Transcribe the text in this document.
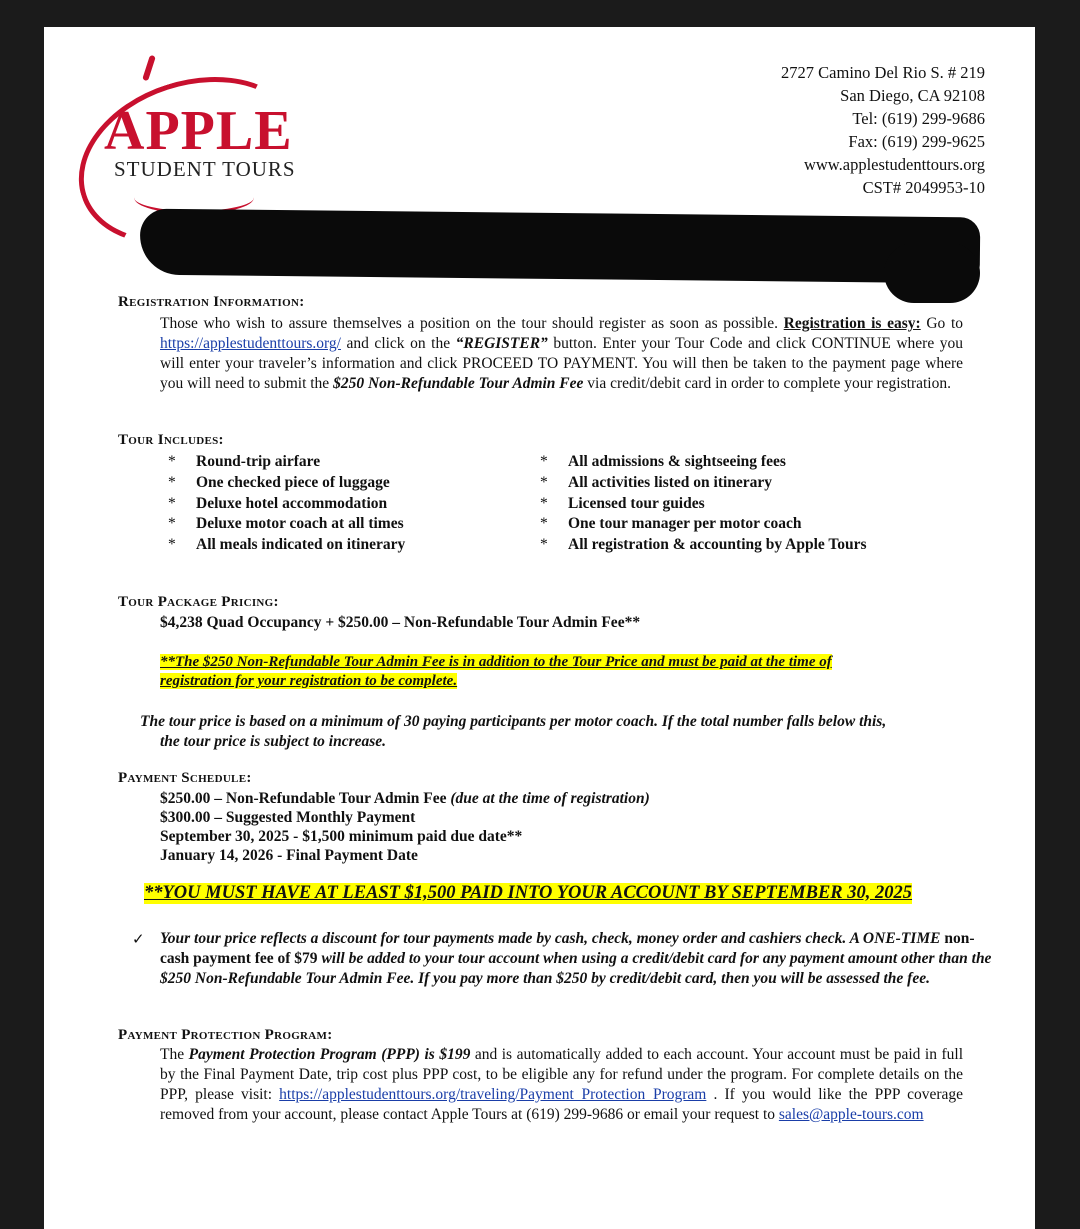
APPLE
STUDENT TOURS
2727 Camino Del Rio S. # 219
San Diego, CA 92108
Tel: (619) 299-9686
Fax: (619) 299-9625
www.applestudenttours.org
CST# 2049953-10
Registration Information:
Those who wish to assure themselves a position on the tour should register as soon as possible. Registration is easy: Go to https://applestudenttours.org/ and click on the “REGISTER” button. Enter your Tour Code and click CONTINUE where you will enter your traveler’s information and click PROCEED TO PAYMENT. You will then be taken to the payment page where you will need to submit the $250 Non-Refundable Tour Admin Fee via credit/debit card in order to complete your registration.
Tour Includes:
* Round-trip airfare
* One checked piece of luggage
* Deluxe hotel accommodation
* Deluxe motor coach at all times
* All meals indicated on itinerary
* All admissions & sightseeing fees
* All activities listed on itinerary
* Licensed tour guides
* One tour manager per motor coach
* All registration & accounting by Apple Tours
Tour Package Pricing:
$4,238 Quad Occupancy + $250.00 – Non-Refundable Tour Admin Fee**
**The $250 Non-Refundable Tour Admin Fee is in addition to the Tour Price and must be paid at the time of
registration for your registration to be complete.
The tour price is based on a minimum of 30 paying participants per motor coach. If the total number falls below this,
the tour price is subject to increase.
Payment Schedule:
$250.00 – Non-Refundable Tour Admin Fee (due at the time of registration)
$300.00 – Suggested Monthly Payment
September 30, 2025 - $1,500 minimum paid due date**
January 14, 2026 - Final Payment Date
**YOU MUST HAVE AT LEAST $1,500 PAID INTO YOUR ACCOUNT BY SEPTEMBER 30, 2025
✓ Your tour price reflects a discount for tour payments made by cash, check, money order and cashiers check. A ONE-TIME non-cash payment fee of $79 will be added to your tour account when using a credit/debit card for any payment amount other than the $250 Non-Refundable Tour Admin Fee. If you pay more than $250 by credit/debit card, then you will be assessed the fee.
Payment Protection Program:
The Payment Protection Program (PPP) is $199 and is automatically added to each account. Your account must be paid in full by the Final Payment Date, trip cost plus PPP cost, to be eligible any for refund under the program. For complete details on the PPP, please visit: https://applestudenttours.org/traveling/Payment_Protection_Program . If you would like the PPP coverage removed from your account, please contact Apple Tours at (619) 299-9686 or email your request to sales@apple-tours.com
